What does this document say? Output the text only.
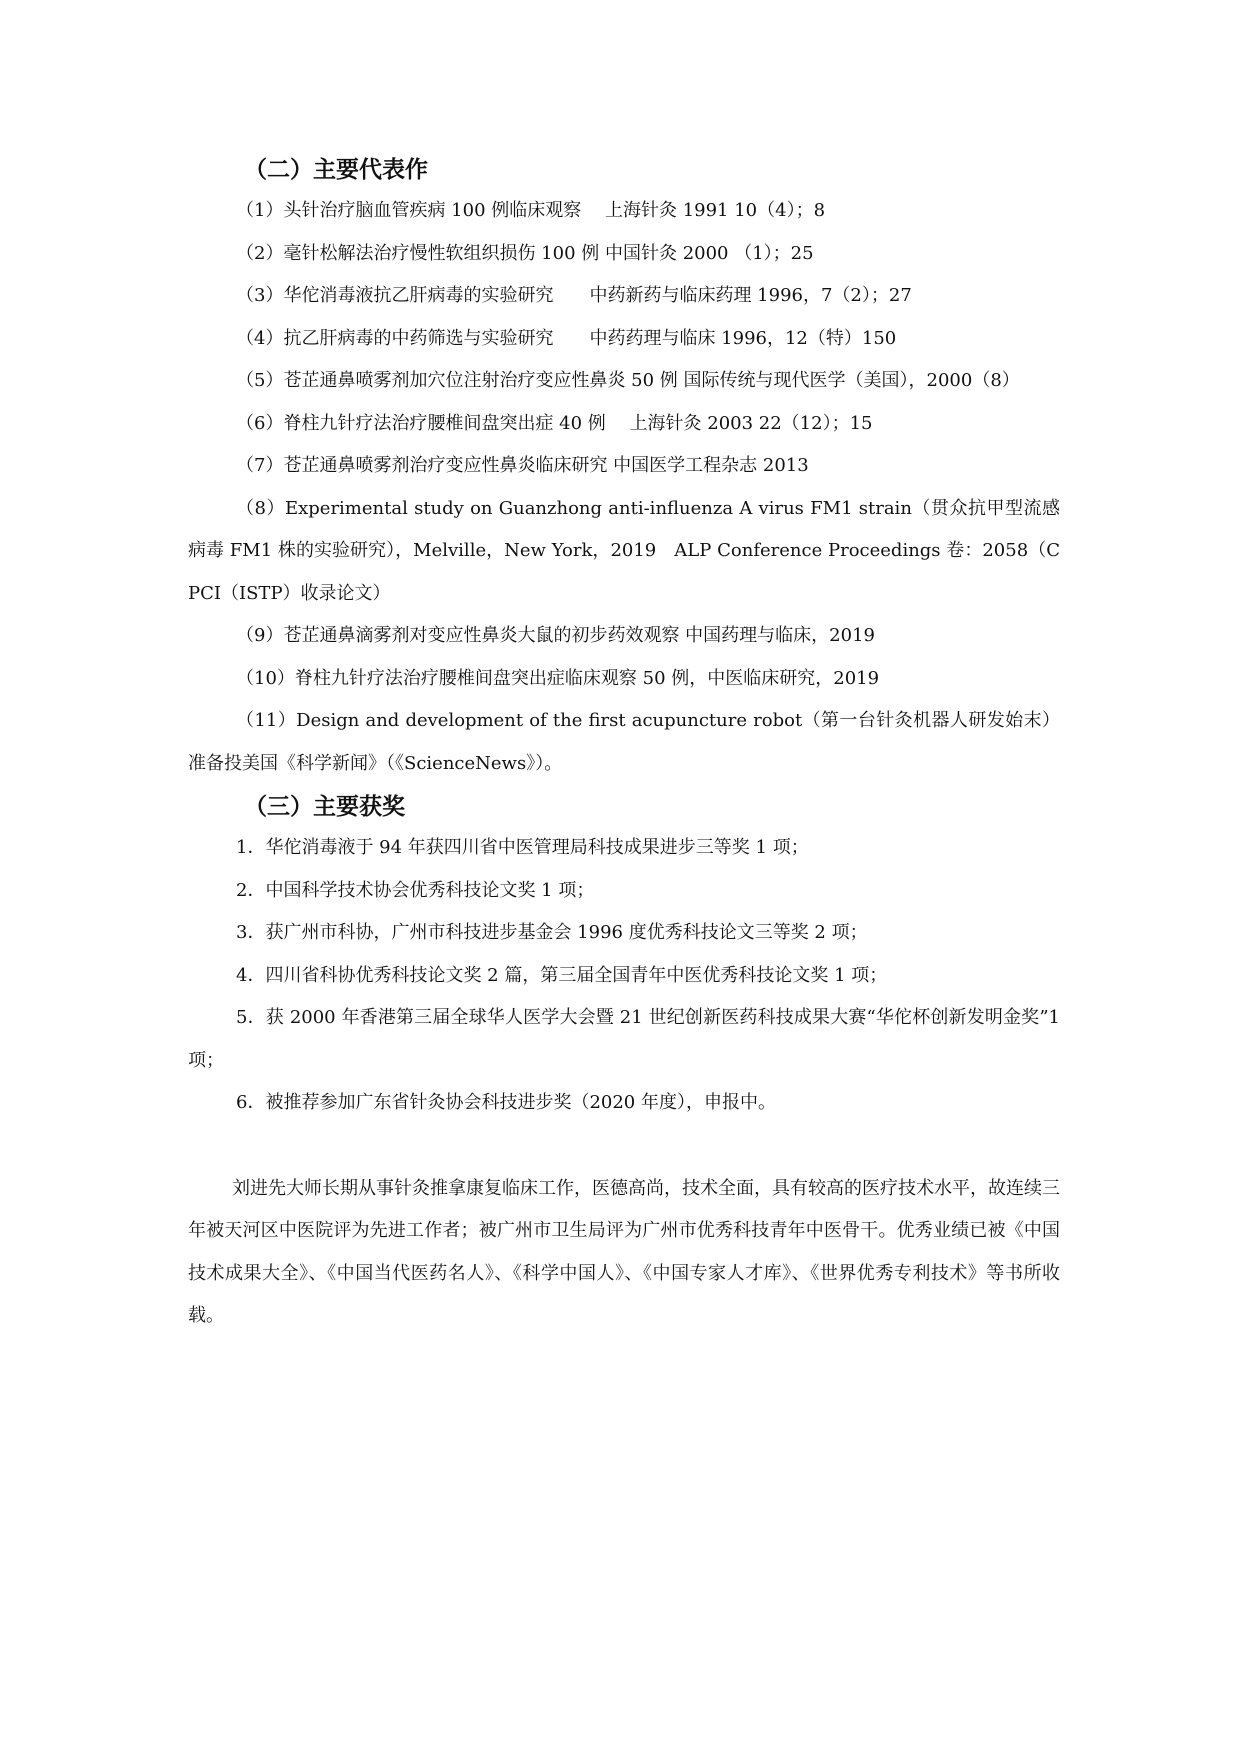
（二）主要代表作

（1）头针治疗脑血管疾病 100 例临床观察　 上海针灸 1991 10（4）；8

（2）毫针松解法治疗慢性软组织损伤 100 例 中国针灸 2000 （1）；25

（3）华佗消毒液抗乙肝病毒的实验研究　　中药新药与临床药理 1996，7（2）；27

（4）抗乙肝病毒的中药筛选与实验研究　　中药药理与临床 1996，12（特）150

（5）苍芷通鼻喷雾剂加穴位注射治疗变应性鼻炎 50 例 国际传统与现代医学（美国），2000（8）

（6）脊柱九针疗法治疗腰椎间盘突出症 40 例 　上海针灸 2003 22（12）；15

（7）苍芷通鼻喷雾剂治疗变应性鼻炎临床研究 中国医学工程杂志 2013

（8）Experimental study on Guanzhong anti-influenza A virus FM1 strain（贯众抗甲型流感病毒 FM1 株的实验研究），Melville，New York，2019　ALP Conference Proceedings 卷：2058（CPCI（ISTP）收录论文）

（9）苍芷通鼻滴雾剂对变应性鼻炎大鼠的初步药效观察 中国药理与临床，2019

（10）脊柱九针疗法治疗腰椎间盘突出症临床观察 50 例，中医临床研究，2019

（11）Design and development of the first acupuncture robot（第一台针灸机器人研发始末）准备投美国《科学新闻》（《ScienceNews》）。

（三）主要获奖

1．华佗消毒液于 94 年获四川省中医管理局科技成果进步三等奖 1 项；

2．中国科学技术协会优秀科技论文奖 1 项；

3．获广州市科协，广州市科技进步基金会 1996 度优秀科技论文三等奖 2 项；

4．四川省科协优秀科技论文奖 2 篇，第三届全国青年中医优秀科技论文奖 1 项；

5．获 2000 年香港第三届全球华人医学大会暨 21 世纪创新医药科技成果大赛“华佗杯创新发明金奖”1 项；

6．被推荐参加广东省针灸协会科技进步奖（2020 年度），申报中。

刘进先大师长期从事针灸推拿康复临床工作，医德高尚，技术全面，具有较高的医疗技术水平，故连续三年被天河区中医院评为先进工作者；被广州市卫生局评为广州市优秀科技青年中医骨干。优秀业绩已被《中国技术成果大全》、《中国当代医药名人》、《科学中国人》、《中国专家人才库》、《世界优秀专利技术》等书所收载。
